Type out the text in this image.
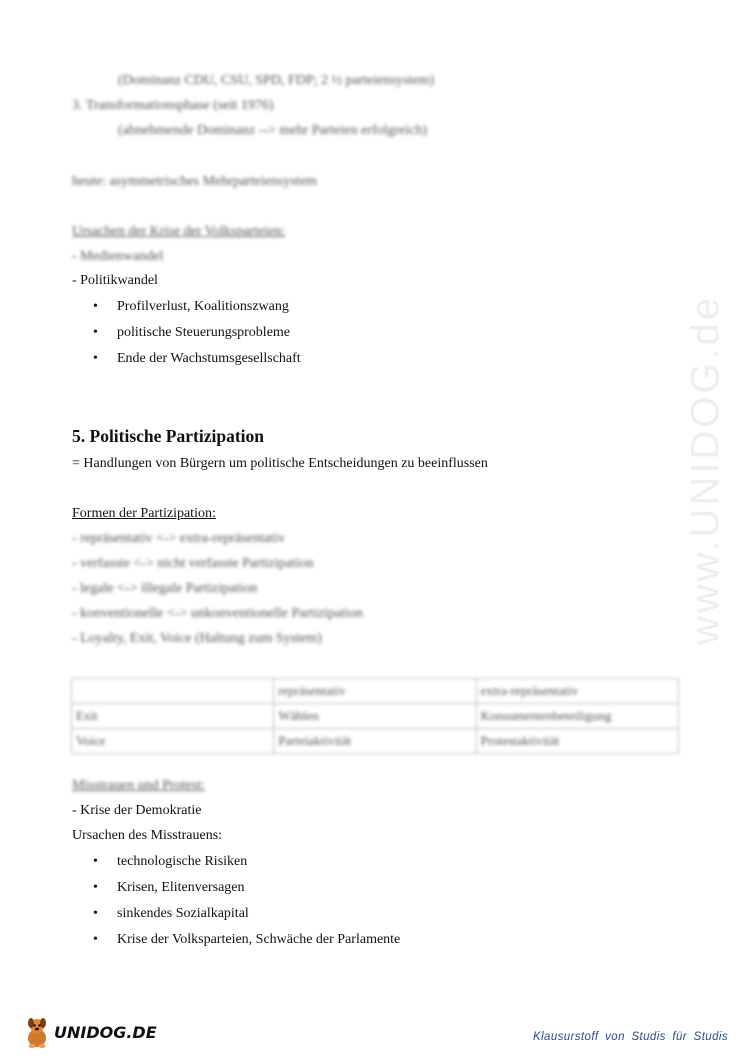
(Dominanz CDU, CSU, SPD, FDP; 2 ½ parteiensystem)
3. Transformationsphase (seit 1976)
(abnehmende Dominanz --> mehr Parteien erfolgreich)
heute: asymmetrisches Mehrparteiensystem
Ursachen der Krise der Volksparteien:
- Medienwandel
- Politikwandel
• Profilverlust, Koalitionszwang
• politische Steuerungsprobleme
• Ende der Wachstumsgesellschaft
5. Politische Partizipation
= Handlungen von Bürgern um politische Entscheidungen zu beeinflussen
Formen der Partizipation:
- repräsentativ <-> extra-repräsentativ
- verfasste <-> nicht verfasste Partizipation
- legale <-> illegale Partizipation
- konventionelle <-> unkonventionelle Partizipation
- Loyalty, Exit, Voice (Haltung zum System)
	repräsentativ	extra-repräsentativ
Exit	Wählen	Konsumentenbeteiligung
Voice	Parteiaktivität	Protestaktivität
Misstrauen und Protest:
- Krise der Demokratie
Ursachen des Misstrauens:
• technologische Risiken
• Krisen, Elitenversagen
• sinkendes Sozialkapital
• Krise der Volksparteien, Schwäche der Parlamente
www.UNIDOG.de
UNIDOG.DE	Klausurstoff von Studis für Studis
